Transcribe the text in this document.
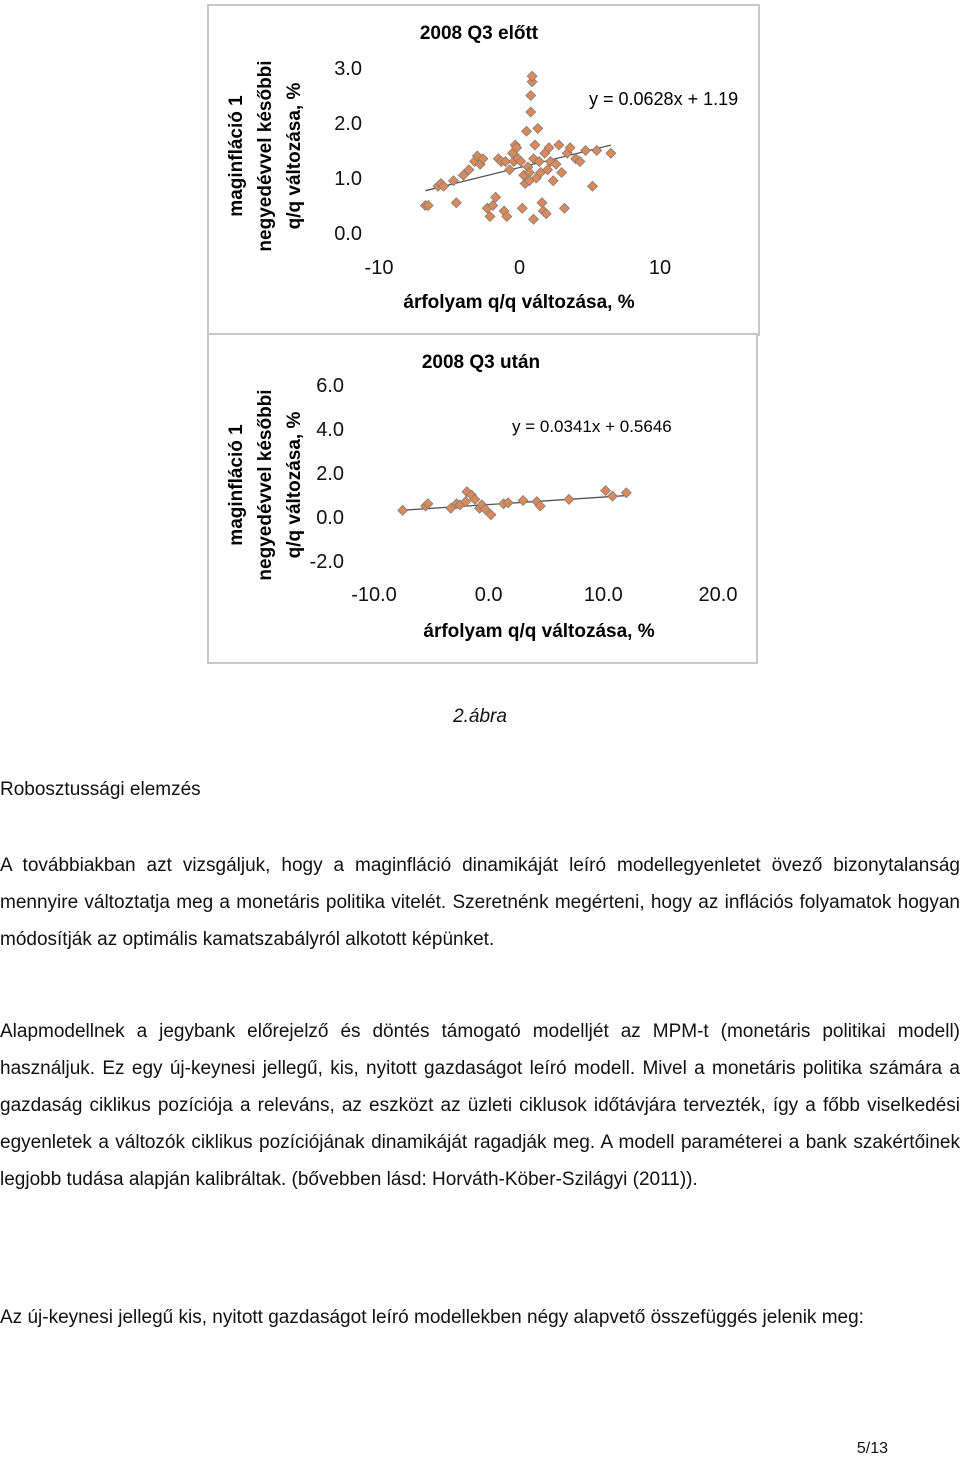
2008 Q3 előtt
maginfláció 1 negyedévvel későbbi q/q változása, %
0.0
1.0
2.0
3.0
-10	0	10
y = 0.0628x + 1.19
árfolyam q/q változása, %
2008 Q3 után
maginfláció 1 negyedévvel későbbi q/q változása, %
-2.0
0.0
2.0
4.0
6.0
-10.0	0.0	10.0	20.0
y = 0.0341x + 0.5646
árfolyam q/q változása, %
2.ábra
Robosztussági elemzés

A továbbiakban azt vizsgáljuk, hogy a maginfláció dinamikáját leíró modellegyenletet övező bizonytalanság mennyire változtatja meg a monetáris politika vitelét. Szeretnénk megérteni, hogy az inflációs folyamatok hogyan módosítják az optimális kamatszabályról alkotott képünket.

Alapmodellnek a jegybank előrejelző és döntés támogató modelljét az MPM-t (monetáris politikai modell) használjuk. Ez egy új-keynesi jellegű, kis, nyitott gazdaságot leíró modell. Mivel a monetáris politika számára a gazdaság ciklikus pozíciója a releváns, az eszközt az üzleti ciklusok időtávjára tervezték, így a főbb viselkedési egyenletek a változók ciklikus pozíciójának dinamikáját ragadják meg. A modell paraméterei a bank szakértőinek legjobb tudása alapján kalibráltak. (bővebben lásd: Horváth-Köber-Szilágyi (2011)).

Az új-keynesi jellegű kis, nyitott gazdaságot leíró modellekben négy alapvető összefüggés jelenik meg:

5/13
